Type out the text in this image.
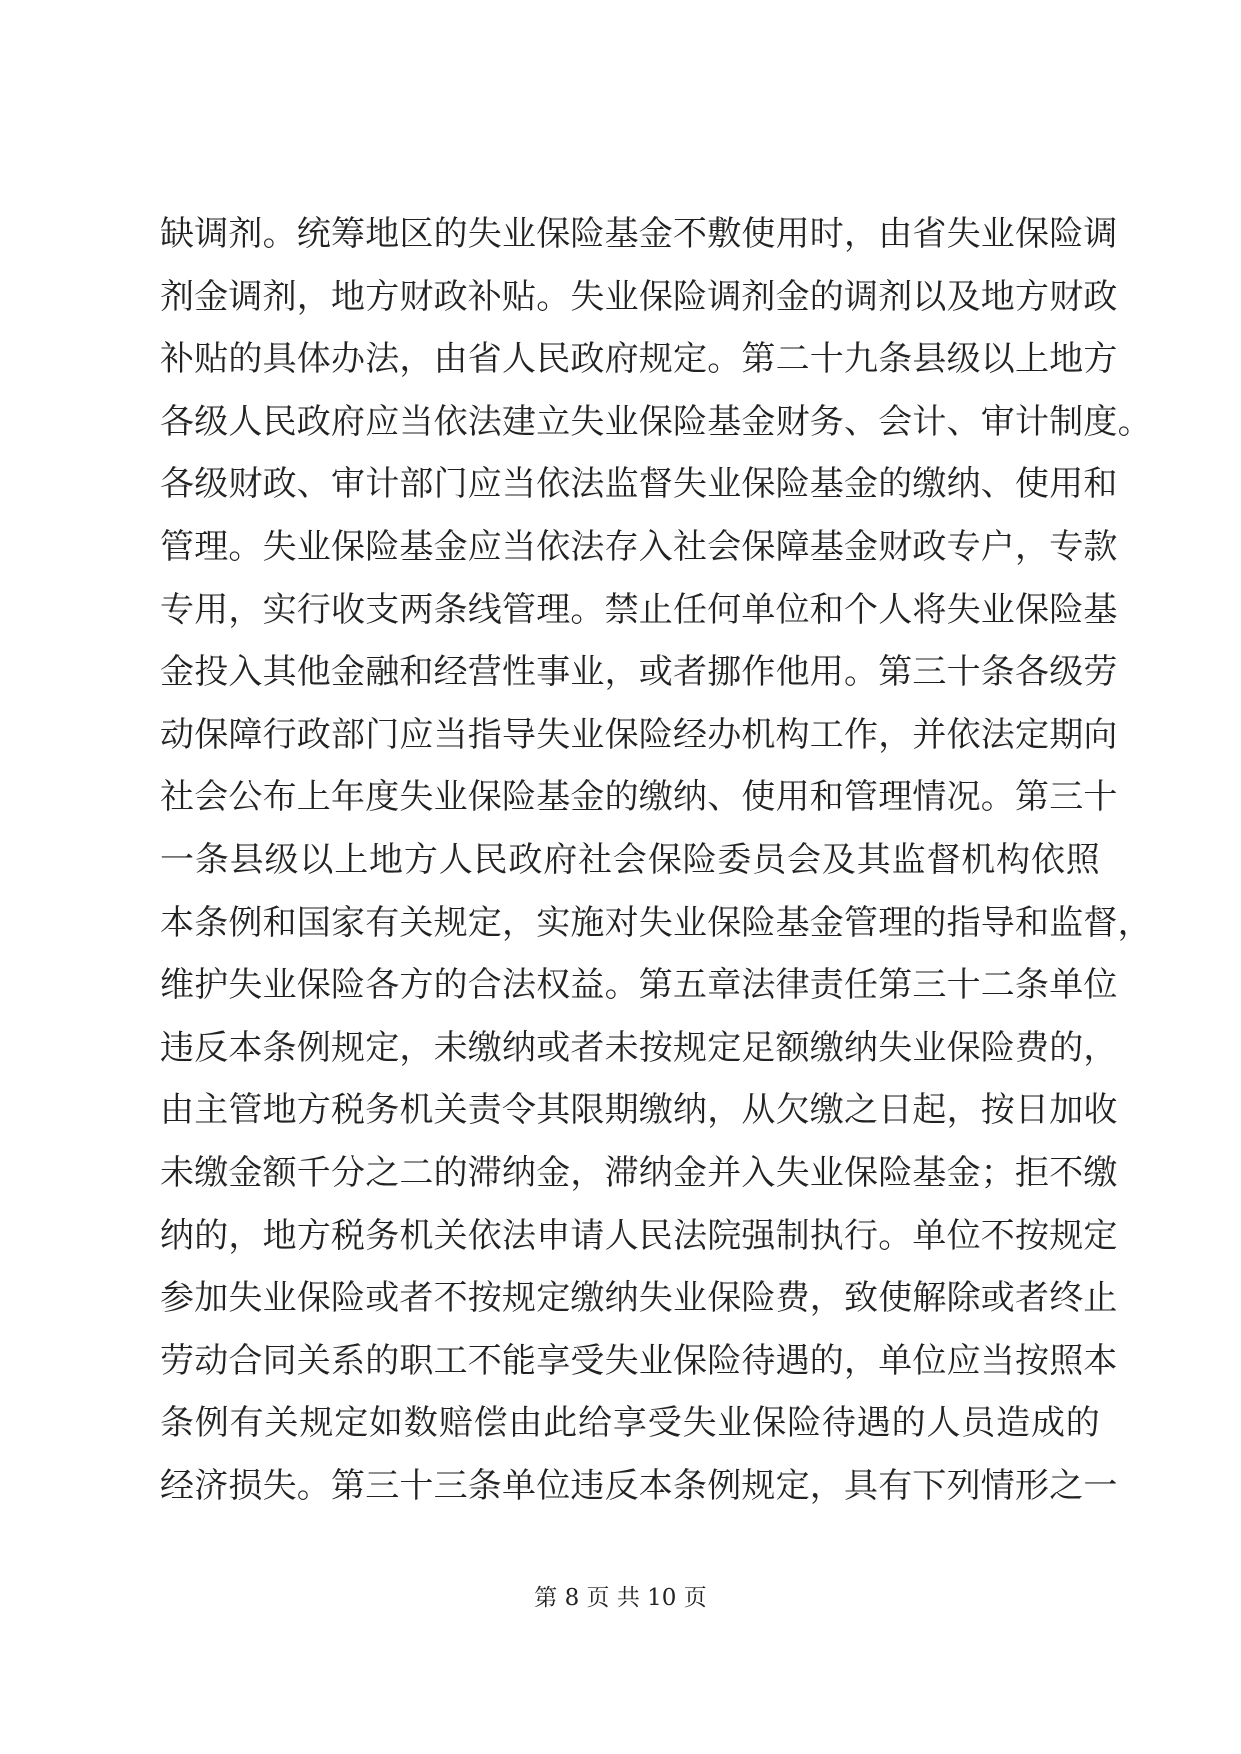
缺调剂。统筹地区的失业保险基金不敷使用时，由省失业保险调
剂金调剂，地方财政补贴。失业保险调剂金的调剂以及地方财政
补贴的具体办法，由省人民政府规定。第二十九条县级以上地方
各级人民政府应当依法建立失业保险基金财务、会计、审计制度。
各级财政、审计部门应当依法监督失业保险基金的缴纳、使用和
管理。失业保险基金应当依法存入社会保障基金财政专户，专款
专用，实行收支两条线管理。禁止任何单位和个人将失业保险基
金投入其他金融和经营性事业，或者挪作他用。第三十条各级劳
动保障行政部门应当指导失业保险经办机构工作，并依法定期向
社会公布上年度失业保险基金的缴纳、使用和管理情况。第三十
一条县级以上地方人民政府社会保险委员会及其监督机构依照
本条例和国家有关规定，实施对失业保险基金管理的指导和监督，
维护失业保险各方的合法权益。第五章法律责任第三十二条单位
违反本条例规定，未缴纳或者未按规定足额缴纳失业保险费的，
由主管地方税务机关责令其限期缴纳，从欠缴之日起，按日加收
未缴金额千分之二的滞纳金，滞纳金并入失业保险基金；拒不缴
纳的，地方税务机关依法申请人民法院强制执行。单位不按规定
参加失业保险或者不按规定缴纳失业保险费，致使解除或者终止
劳动合同关系的职工不能享受失业保险待遇的，单位应当按照本
条例有关规定如数赔偿由此给享受失业保险待遇的人员造成的
经济损失。第三十三条单位违反本条例规定，具有下列情形之一
第 8 页 共 10 页
